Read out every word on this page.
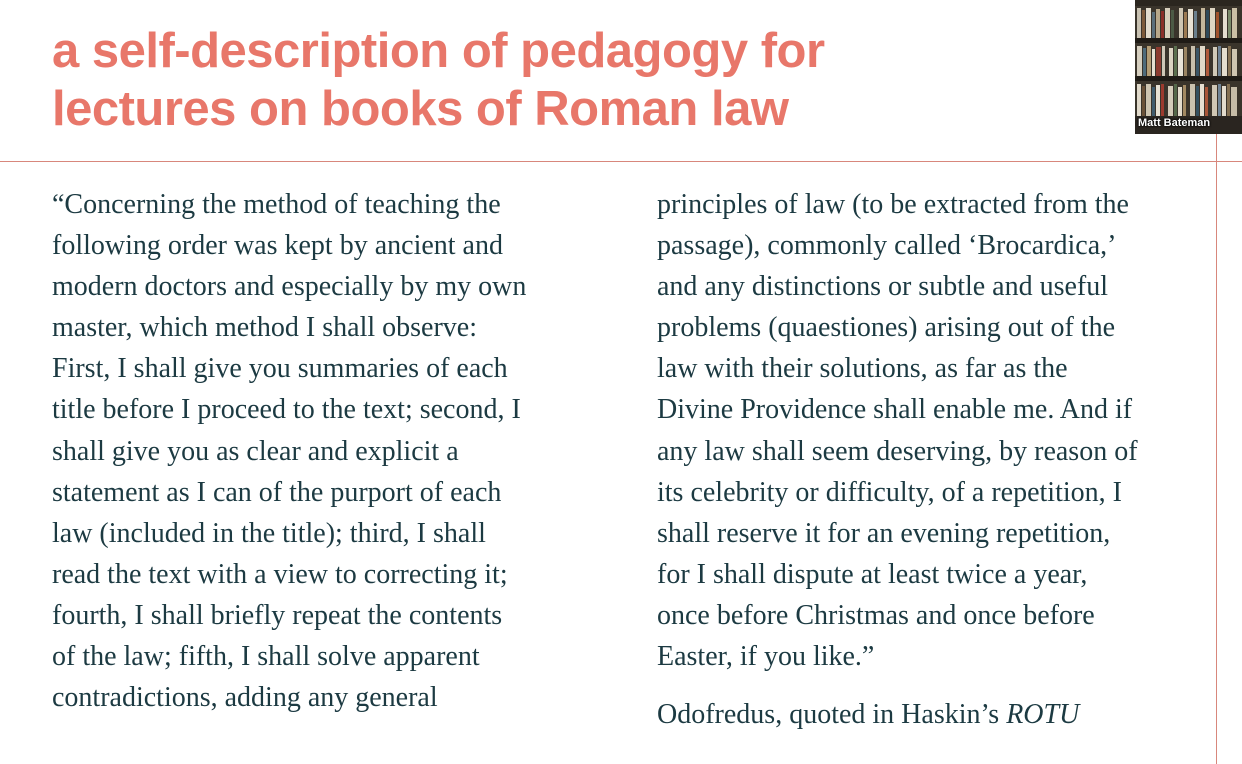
a self-description of pedagogy for
lectures on books of Roman law	Matt Bateman
“Concerning the method of teaching the
following order was kept by ancient and
modern doctors and especially by my own
master, which method I shall observe:
First, I shall give you summaries of each
title before I proceed to the text; second, I
shall give you as clear and explicit a
statement as I can of the purport of each
law (included in the title); third, I shall
read the text with a view to correcting it;
fourth, I shall briefly repeat the contents
of the law; fifth, I shall solve apparent
contradictions, adding any general
principles of law (to be extracted from the
passage), commonly called ‘Brocardica,’
and any distinctions or subtle and useful
problems (quaestiones) arising out of the
law with their solutions, as far as the
Divine Providence shall enable me. And if
any law shall seem deserving, by reason of
its celebrity or difficulty, of a repetition, I
shall reserve it for an evening repetition,
for I shall dispute at least twice a year,
once before Christmas and once before
Easter, if you like.”

Odofredus, quoted in Haskin’s ROTU
